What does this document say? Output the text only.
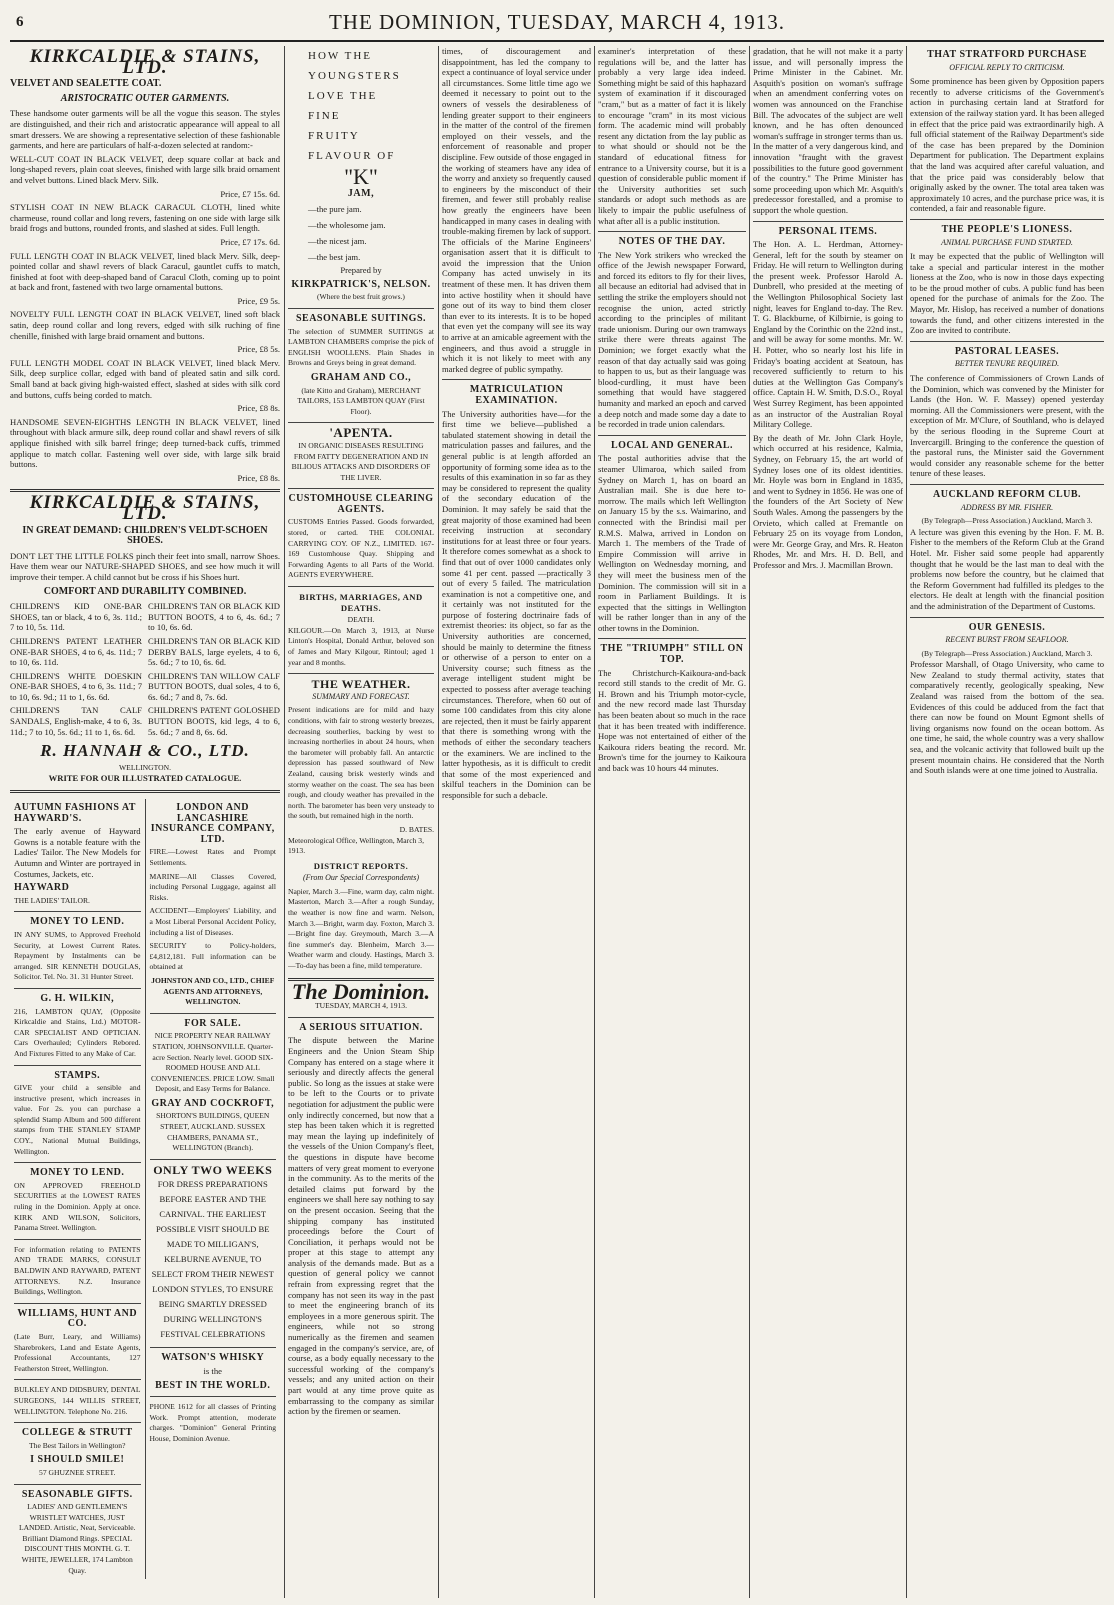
6	THE DOMINION, TUESDAY, MARCH 4, 1913.
KIRKCALDIE & STAINS, LTD.
VELVET AND SEALETTE COAT.
ARISTOCRATIC OUTER GARMENTS.

These handsome outer garments will be all the vogue this season. The styles are distinguished, and their rich and aristocratic appearance will appeal to all smart dressers. We are showing a representative selection of these fashionable garments, and here are particulars of half-a-dozen selected at random:-

WELL-CUT COAT IN BLACK VELVET, deep square collar at back and long-shaped revers, plain coat sleeves, finished with large silk braid ornament and velvet buttons. Lined black Merv. Silk.

Price, £7 15s. 6d.

STYLISH COAT IN NEW BLACK CARACUL CLOTH, lined white charmeuse, round collar and long revers, fastening on one side with large silk braid frogs and buttons, rounded fronts, and slashed at sides. Full length.

Price, £7 17s. 6d.

FULL LENGTH COAT IN BLACK VELVET, lined black Merv. Silk, deep-pointed collar and shawl revers of black Caracul, gauntlet cuffs to match, finished at foot with deep-shaped band of Caracul Cloth, coming up to point at back and front, fastened with two large ornamental buttons.

Price, £9 5s.

NOVELTY FULL LENGTH COAT IN BLACK VELVET, lined soft black satin, deep round collar and long revers, edged with silk ruching of fine chenille, finished with large braid ornament and buttons.

Price, £8 5s.

FULL LENGTH MODEL COAT IN BLACK VELVET, lined black Merv. Silk, deep surplice collar, edged with band of pleated satin and silk cord. Small band at back giving high-waisted effect, slashed at sides with silk cord and buttons, cuffs being corded to match.

Price, £8 8s.

HANDSOME SEVEN-EIGHTHS LENGTH IN BLACK VELVET, lined throughout with black armure silk, deep round collar and shawl revers of silk applique finished with silk barrel fringe; deep turned-back cuffs, trimmed applique to match collar. Fastening well over side, with large silk braid buttons.

Price, £8 8s.
KIRKCALDIE & STAINS, LTD.
IN GREAT DEMAND: CHILDREN'S VELDT-SCHOEN SHOES.

DON'T LET THE LITTLE FOLKS pinch their feet into small, narrow Shoes. Have them wear our NATURE-SHAPED SHOES, and see how much it will improve their temper. A child cannot but be cross if his Shoes hurt.

COMFORT AND DURABILITY COMBINED.

CHILDREN'S KID ONE-BAR SHOES, tan or black, 4 to 6, 3s. 11d.; 7 to 10, 5s. 11d.

CHILDREN'S PATENT LEATHER ONE-BAR SHOES, 4 to 6, 4s. 11d.; 7 to 10, 6s. 11d.

CHILDREN'S WHITE DOESKIN ONE-BAR SHOES, 4 to 6, 3s. 11d.; 7 to 10, 6s. 9d.; 11 to 1, 6s. 6d.

CHILDREN'S TAN CALF SANDALS, English-make, 4 to 6, 3s. 11d.; 7 to 10, 5s. 6d.; 11 to 1, 6s. 6d.

CHILDREN'S TAN OR BLACK KID BUTTON BOOTS, 4 to 6, 4s. 6d.; 7 to 10, 6s. 6d.

CHILDREN'S TAN OR BLACK KID DERBY BALS, large eyelets, 4 to 6, 5s. 6d.; 7 to 10, 6s. 6d.

CHILDREN'S TAN WILLOW CALF BUTTON BOOTS, dual soles, 4 to 6, 6s. 6d.; 7 and 8, 7s. 6d.

CHILDREN'S PATENT GOLOSHED BUTTON BOOTS, kid legs, 4 to 6, 5s. 6d.; 7 and 8, 6s. 6d.

R. HANNAH & CO., LTD.
WELLINGTON.
WRITE FOR OUR ILLUSTRATED CATALOGUE.
AUTUMN FASHIONS AT HAYWARD'S.

The early avenue of Hayward Gowns is a notable feature with the Ladies' Tailor. The New Models for Autumn and Winter are portrayed in Costumes, Jackets, etc.

HAYWARD
THE LADIES' TAILOR.
MONEY TO LEND.

IN ANY SUMS, to Approved Freehold Security, at Lowest Current Rates. Repayment by Instalments can be arranged. SIR KENNETH DOUGLAS, Solicitor. Tel. No. 31. 31 Hunter Street.

G. H. WILKIN,

216, LAMBTON QUAY, (Opposite Kirkcaldie and Stains, Ltd.) MOTOR-CAR SPECIALIST AND OPTICIAN. Cars Overhauled; Cylinders Rebored. And Fixtures Fitted to any Make of Car.

STAMPS.

GIVE your child a sensible and instructive present, which increases in value. For 2s. you can purchase a splendid Stamp Album and 500 different stamps from THE STANLEY STAMP COY., National Mutual Buildings, Wellington.

MONEY TO LEND.

ON APPROVED FREEHOLD SECURITIES at the LOWEST RATES ruling in the Dominion. Apply at once. KIRK AND WILSON, Solicitors, Panama Street. Wellington.

For information relating to PATENTS AND TRADE MARKS, CONSULT BALDWIN AND RAYWARD, PATENT ATTORNEYS. N.Z. Insurance Buildings, Wellington.

WILLIAMS, HUNT AND CO.

(Late Burr, Leary, and Williams) Sharebrokers, Land and Estate Agents, Professional Accountants, 127 Featherston Street, Wellington.

BULKLEY AND DIDSBURY, DENTAL SURGEONS, 144 WILLIS STREET, WELLINGTON. Telephone No. 216.

COLLEGE & STRUTT
The Best Tailors in Wellington?
I SHOULD SMILE!
57 GHUZNEE STREET.
SEASONABLE GIFTS.

LADIES' AND GENTLEMEN'S WRISTLET WATCHES, JUST LANDED. Artistic, Neat, Serviceable. Brilliant Diamond Rings. SPECIAL DISCOUNT THIS MONTH. G. T. WHITE, JEWELLER, 174 Lambton Quay.

LONDON AND LANCASHIRE INSURANCE COMPANY, LTD.

FIRE.—Lowest Rates and Prompt Settlements.

MARINE—All Classes Covered, including Personal Luggage, against all Risks.

ACCIDENT—Employers' Liability, and a Most Liberal Personal Accident Policy, including a list of Diseases.

SECURITY to Policy-holders, £4,812,181. Full information can be obtained at

JOHNSTON AND CO., LTD., CHIEF AGENTS AND ATTORNEYS, WELLINGTON.
FOR SALE.

NICE PROPERTY NEAR RAILWAY STATION, JOHNSONVILLE. Quarter-acre Section. Nearly level. GOOD SIX-ROOMED HOUSE AND ALL CONVENIENCES. PRICE LOW. Small Deposit, and Easy Terms for Balance.

GRAY AND COCKROFT,

SHORTON'S BUILDINGS, QUEEN STREET, AUCKLAND. SUSSEX CHAMBERS, PANAMA ST., WELLINGTON (Branch).

ONLY TWO WEEKS

FOR DRESS PREPARATIONS BEFORE EASTER AND THE CARNIVAL. THE EARLIEST POSSIBLE VISIT SHOULD BE MADE TO MILLIGAN'S, KELBURNE AVENUE, TO SELECT FROM THEIR NEWEST LONDON STYLES, TO ENSURE BEING SMARTLY DRESSED DURING WELLINGTON'S FESTIVAL CELEBRATIONS

WATSON'S WHISKY
is the
BEST IN THE WORLD.

PHONE 1612 for all classes of Printing Work. Prompt attention, moderate charges. "Dominion" General Printing House, Dominion Avenue.

HOW THE
YOUNGSTERS
LOVE THE
FINE
FRUITY
FLAVOUR OF
"K"
JAM,
—the pure jam.
—the wholesome jam.
—the nicest jam.
—the best jam.
Prepared by
KIRKPATRICK'S, NELSON.
(Where the best fruit grows.)
SEASONABLE SUITINGS.

The selection of SUMMER SUITINGS at LAMBTON CHAMBERS comprise the pick of ENGLISH WOOLLENS. Plain Shades in Browns and Greys being in great demand.

GRAHAM AND CO.,
(late Kitto and Graham), MERCHANT TAILORS, 153 LAMBTON QUAY (First Floor).
'APENTA.

IN ORGANIC DISEASES RESULTING FROM FATTY DEGENERATION AND IN BILIOUS ATTACKS AND DISORDERS OF THE LIVER.

CUSTOMHOUSE CLEARING AGENTS.

CUSTOMS Entries Passed. Goods forwarded, stored, or carted. THE COLONIAL CARRYING COY. OF N.Z., LIMITED. 167-169 Customhouse Quay. Shipping and Forwarding Agents to all Parts of the World. AGENTS EVERYWHERE.

BIRTHS, MARRIAGES, AND DEATHS.
DEATH.

KILGOUR.—On March 3, 1913, at Nurse Linton's Hospital, Donald Arthur, beloved son of James and Mary Kilgour, Rintoul; aged 1 year and 8 months.

THE WEATHER.
SUMMARY AND FORECAST.

Present indications are for mild and hazy conditions, with fair to strong westerly breezes, decreasing southerlies, backing by west to increasing northerlies in about 24 hours, when the barometer will probably fall. An antarctic depression has passed southward of New Zealand, causing brisk westerly winds and stormy weather on the coast. The sea has been rough, and cloudy weather has prevailed in the north. The barometer has been very unsteady to the south, but remained high in the north.

D. BATES.
Meteorological Office, Wellington, March 3, 1913.
DISTRICT REPORTS.
(From Our Special Correspondents)

Napier, March 3.—Fine, warm day, calm night. Masterton, March 3.—After a rough Sunday, the weather is now fine and warm. Nelson, March 3.—Bright, warm day. Foxton, March 3.—Bright fine day. Greymouth, March 3.—A fine summer's day. Blenheim, March 3.—Weather warm and cloudy. Hastings, March 3.—To-day has been a fine, mild temperature.

The Dominion.
TUESDAY, MARCH 4, 1913.
A SERIOUS SITUATION.

The dispute between the Marine Engineers and the Union Steam Ship Company has entered on a stage where it seriously and directly affects the general public. So long as the issues at stake were to be left to the Courts or to private negotiation for adjustment the public were only indirectly concerned, but now that a step has been taken which it is regretted may mean the laying up indefinitely of the vessels of the Union Company's fleet, the questions in dispute have become matters of very great moment to everyone in the community. As to the merits of the detailed claims put forward by the engineers we shall here say nothing to say on the present occasion. Seeing that the shipping company has instituted proceedings before the Court of Conciliation, it perhaps would not be proper at this stage to attempt any analysis of the demands made. But as a question of general policy we cannot refrain from expressing regret that the company has not seen its way in the past to meet the engineering branch of its employees in a more generous spirit. The engineers, while not so strong numerically as the firemen and seamen engaged in the company's service, are, of course, as a body equally necessary to the successful working of the company's vessels; and any united action on their part would at any time prove quite as embarrassing to the company as similar action by the firemen or seamen.

times, of discouragement and disappointment, has led the company to expect a continuance of loyal service under all circumstances. Some little time ago we deemed it necessary to point out to the owners of vessels the desirableness of lending greater support to their engineers in the matter of the control of the firemen employed on their vessels, and the enforcement of reasonable and proper discipline. Few outside of those engaged in the working of steamers have any idea of the worry and anxiety so frequently caused to engineers by the misconduct of their firemen, and fewer still probably realise how greatly the engineers have been handicapped in many cases in dealing with trouble-making firemen by lack of support. The officials of the Marine Engineers' organisation assert that it is difficult to avoid the impression that the Union Company has acted unwisely in its treatment of these men. It has driven them into active hostility when it should have gone out of its way to bind them closer than ever to its interests. It is to be hoped that even yet the company will see its way to arrive at an amicable agreement with the engineers, and thus avoid a struggle in which it is not likely to meet with any marked degree of public sympathy.

MATRICULATION EXAMINATION.

The University authorities have—for the first time we believe—published a tabulated statement showing in detail the matriculation passes and failures, and the general public is at length afforded an opportunity of forming some idea as to the results of this examination in so far as they may be considered to represent the quality of the secondary education of the Dominion. It may safely be said that the great majority of those examined had been receiving instruction at secondary institutions for at least three or four years. It therefore comes somewhat as a shock to find that out of over 1000 candidates only some 41 per cent. passed —practically 3 out of every 5 failed. The matriculation examination is not a competitive one, and it certainly was not instituted for the purpose of fostering doctrinaire fads of extremist theories: its object, so far as the University authorities are concerned, should be mainly to determine the fitness or otherwise of a person to enter on a University course; such fitness as the average intelligent student might be expected to possess after average teaching circumstances. Therefore, when 60 out of some 100 candidates from this city alone are rejected, then it must be fairly apparent that there is something wrong with the methods of either the secondary teachers or the examiners. We are inclined to the latter hypothesis, as it is difficult to credit that some of the most experienced and skilful teachers in the Dominion can be responsible for such a debacle.

examiner's interpretation of these regulations will be, and the latter has probably a very large idea indeed. Something might be said of this haphazard system of examination if it discouraged "cram," but as a matter of fact it is likely to encourage "cram" in its most vicious form. The academic mind will probably resent any dictation from the lay public as to what should or should not be the standard of educational fitness for entrance to a University course, but it is a question of considerable public moment if the University authorities set such standards or adopt such methods as are likely to impair the public usefulness of what after all is a public institution.

NOTES OF THE DAY.

The New York strikers who wrecked the office of the Jewish newspaper Forward, and forced its editors to fly for their lives, all because an editorial had advised that in settling the strike the employers should not recognise the union, acted strictly according to the principles of militant trade unionism. During our own tramways strike there were threats against The Dominion; we forget exactly what the reason of that day actually said was going to happen to us, but as their language was blood-curdling, it must have been something that would have staggered humanity and marked an epoch and carved a deep notch and made some day a date to be recorded in trade union calendars.

LOCAL AND GENERAL.

The postal authorities advise that the steamer Ulimaroa, which sailed from Sydney on March 1, has on board an Australian mail. She is due here to-morrow. The mails which left Wellington on January 15 by the s.s. Waimarino, and connected with the Brindisi mail per R.M.S. Malwa, arrived in London on March 1. The members of the Trade of Empire Commission will arrive in Wellington on Wednesday morning, and they will meet the business men of the Dominion. The commission will sit in a room in Parliament Buildings. It is expected that the sittings in Wellington will be rather longer than in any of the other towns in the Dominion.

THE "TRIUMPH" STILL ON TOP.

The Christchurch-Kaikoura-and-back record still stands to the credit of Mr. G. H. Brown and his Triumph motor-cycle, and the new record made last Thursday has been beaten about so much in the race that it has been treated with indifference. Hope was not entertained of either of the Kaikoura riders beating the record. Mr. Brown's time for the journey to Kaikoura and back was 10 hours 44 minutes.

gradation, that he will not make it a party issue, and will personally impress the Prime Minister in the Cabinet. Mr. Asquith's position on woman's suffrage when an amendment conferring votes on women was announced on the Franchise Bill. The advocates of the subject are well known, and he has often denounced woman's suffrage in stronger terms than us. In the matter of a very dangerous kind, and innovation "fraught with the gravest possibilities to the future good government of the country." The Prime Minister has some proceeding upon which Mr. Asquith's predecessor forestalled, and a promise to support the whole question.

PERSONAL ITEMS.

The Hon. A. L. Herdman, Attorney-General, left for the south by steamer on Friday. He will return to Wellington during the present week. Professor Harold A. Dunbrell, who presided at the meeting of the Wellington Philosophical Society last night, leaves for England to-day. The Rev. T. G. Blackburne, of Kilbirnie, is going to England by the Corinthic on the 22nd inst., and will be away for some months. Mr. W. H. Potter, who so nearly lost his life in Friday's boating accident at Seatoun, has recovered sufficiently to return to his duties at the Wellington Gas Company's office. Captain H. W. Smith, D.S.O., Royal West Surrey Regiment, has been appointed as an instructor of the Australian Royal Military College.

By the death of Mr. John Clark Hoyle, which occurred at his residence, Kalmia, Sydney, on February 15, the art world of Sydney loses one of its oldest identities. Mr. Hoyle was born in England in 1835, and went to Sydney in 1856. He was one of the founders of the Art Society of New South Wales. Among the passengers by the Orvieto, which called at Fremantle on February 25 on its voyage from London, were Mr. George Gray, and Mrs. R. Heaton Rhodes, Mr. and Mrs. H. D. Bell, and Professor and Mrs. J. Macmillan Brown.

THAT STRATFORD PURCHASE
OFFICIAL REPLY TO CRITICISM.

Some prominence has been given by Opposition papers recently to adverse criticisms of the Government's action in purchasing certain land at Stratford for extension of the railway station yard. It has been alleged in effect that the price paid was extraordinarily high. A full official statement of the Railway Department's side of the case has been prepared by the Dominion Department for publication. The Department explains that the land was acquired after careful valuation, and that the price paid was considerably below that originally asked by the owner. The total area taken was approximately 10 acres, and the purchase price was, it is contended, a fair and reasonable figure.

THE PEOPLE'S LIONESS.
ANIMAL PURCHASE FUND STARTED.

It may be expected that the public of Wellington will take a special and particular interest in the mother lioness at the Zoo, who is now in those days expecting to be the proud mother of cubs. A public fund has been opened for the purchase of animals for the Zoo. The Mayor, Mr. Hislop, has received a number of donations towards the fund, and other citizens interested in the Zoo are invited to contribute.

PASTORAL LEASES.
BETTER TENURE REQUIRED.

The conference of Commissioners of Crown Lands of the Dominion, which was convened by the Minister for Lands (the Hon. W. F. Massey) opened yesterday morning. All the Commissioners were present, with the exception of Mr. M'Clure, of Southland, who is delayed by the serious flooding in the Supreme Court at Invercargill. Bringing to the conference the question of the pastoral runs, the Minister said the Government would consider any reasonable scheme for the better tenure of these leases.

AUCKLAND REFORM CLUB.
ADDRESS BY MR. FISHER.
(By Telegraph—Press Association.) Auckland, March 3.

A lecture was given this evening by the Hon. F. M. B. Fisher to the members of the Reform Club at the Grand Hotel. Mr. Fisher said some people had apparently thought that he would be the last man to deal with the problems now before the country, but he claimed that the Reform Government had fulfilled its pledges to the electors. He dealt at length with the financial position and the administration of the Department of Customs.

OUR GENESIS.
RECENT BURST FROM SEAFLOOR.
(By Telegraph—Press Association.) Auckland, March 3.

Professor Marshall, of Otago University, who came to New Zealand to study thermal activity, states that comparatively recently, geologically speaking, New Zealand was raised from the bottom of the sea. Evidences of this could be adduced from the fact that there can now be found on Mount Egmont shells of living organisms now found on the ocean bottom. As one time, he said, the whole country was a very shallow sea, and the volcanic activity that followed built up the present mountain chains. He considered that the North and South islands were at one time joined to Australia.
